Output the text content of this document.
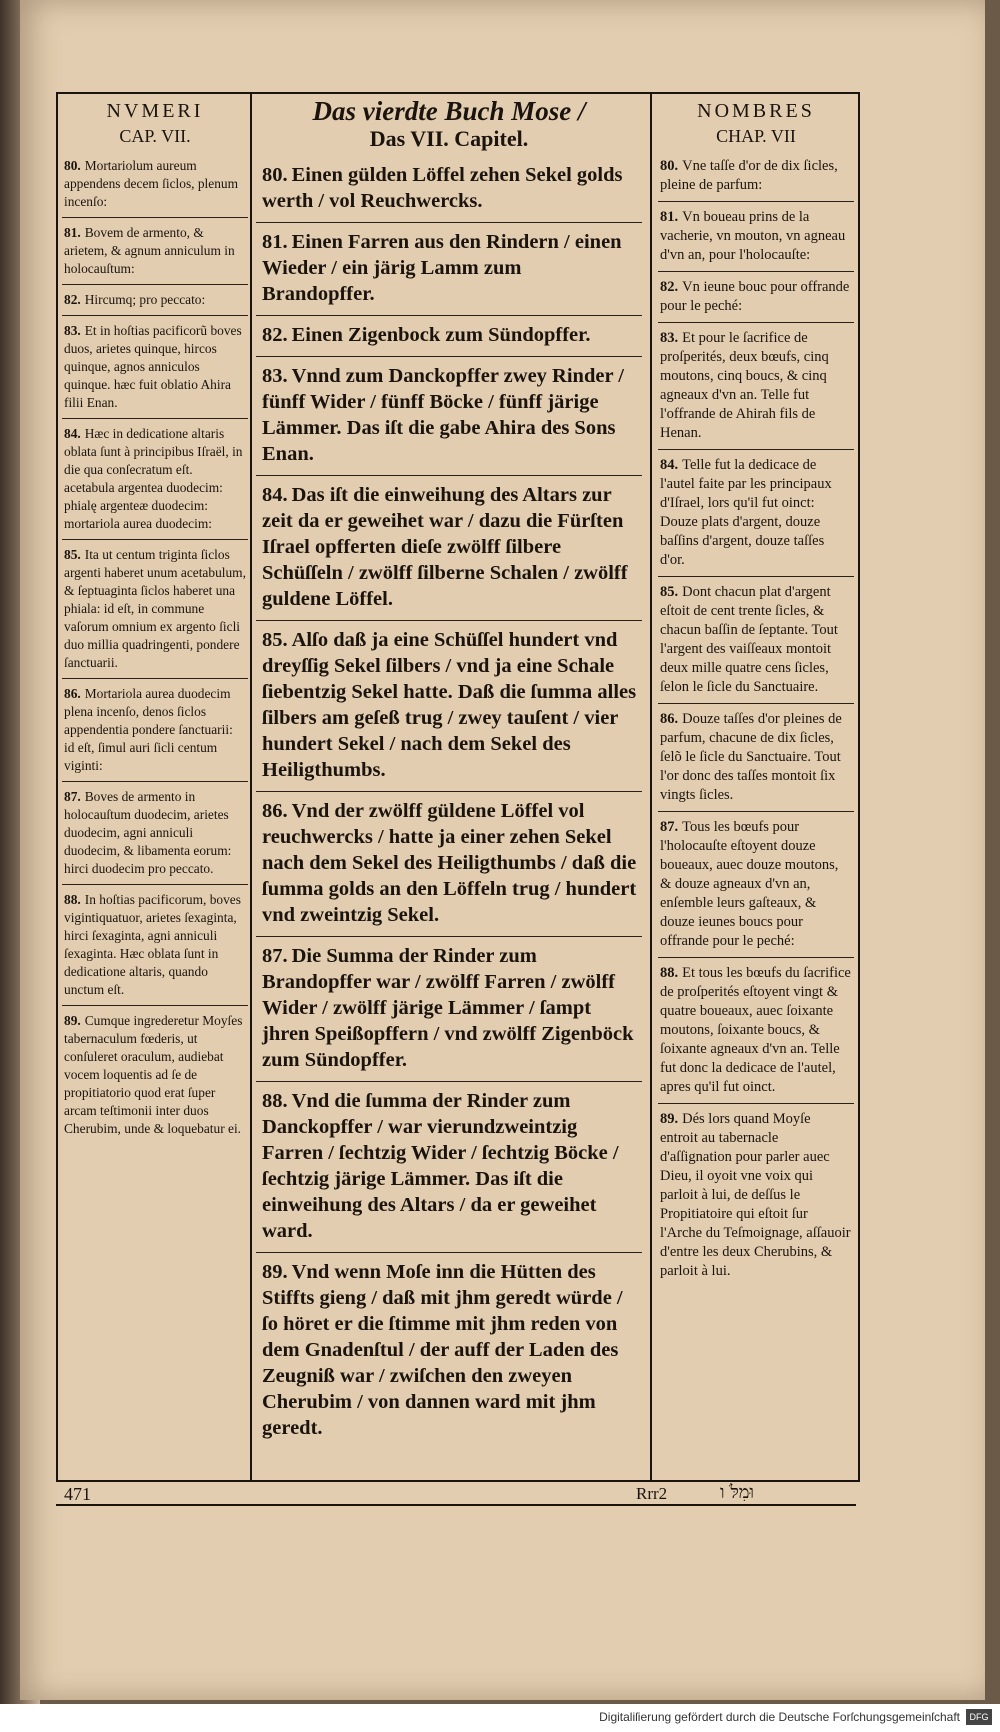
NVMERI
CAP. VII.

80. Mortariolum aureum appendens decem ſiclos, plenum incenſo:

81. Bovem de armento, & arietem, & agnum anniculum in holocauſtum:

82. Hircumq; pro peccato:

83. Et in hoſtias pacificorũ boves duos, arietes quinque, hircos quinque, agnos anniculos quinque. hæc fuit oblatio Ahira filii Enan.

84. Hæc in dedicatione altaris oblata ſunt à principibus Iſraël, in die qua conſecratum eſt. acetabula argentea duodecim: phialę argenteæ duodecim: mortariola aurea duodecim:

85. Ita ut centum triginta ſiclos argenti haberet unum acetabulum, & ſeptuaginta ſiclos haberet una phiala: id eſt, in commune vaſorum omnium ex argento ſicli duo millia quadringenti, pondere ſanctuarii.

86. Mortariola aurea duodecim plena incenſo, denos ſiclos appendentia pondere ſanctuarii: id eſt, ſimul auri ſicli centum viginti:

87. Boves de armento in holocauſtum duodecim, arietes duodecim, agni anniculi duodecim, & libamenta eorum: hirci duodecim pro peccato.

88. In hoſtias pacificorum, boves vigintiquatuor, arietes ſexaginta, hirci ſexaginta, agni anniculi ſexaginta. Hæc oblata ſunt in dedicatione altaris, quando unctum eſt.

89. Cumque ingrederetur Moyſes tabernaculum fœderis, ut conſuleret oraculum, audiebat vocem loquentis ad ſe de propitiatorio quod erat ſuper arcam teſtimonii inter duos Cherubim, unde & loquebatur ei.

Das vierdte Buch Mose /
Das VII. Capitel.

80. Einen gülden Löffel zehen Sekel golds werth / vol Reuchwercks.

81. Einen Farren aus den Rindern / einen Wieder / ein järig Lamm zum Brandopffer.

82. Einen Zigenbock zum Sündopffer.

83. Vnnd zum Danckopffer zwey Rinder / fünff Wider / fünff Böcke / fünff järige Lämmer. Das iſt die gabe Ahira des Sons Enan.

84. Das iſt die einweihung des Altars zur zeit da er geweihet war / dazu die Fürſten Iſrael opfferten dieſe zwölff ſilbere Schüſſeln / zwölff ſilberne Schalen / zwölff guldene Löffel.

85. Alſo daß ja eine Schüſſel hundert vnd dreyſſig Sekel ſilbers / vnd ja eine Schale ſiebentzig Sekel hatte. Daß die ſumma alles ſilbers am geſeß trug / zwey tauſent / vier hundert Sekel / nach dem Sekel des Heiligthumbs.

86. Vnd der zwölff güldene Löffel vol reuchwercks / hatte ja einer zehen Sekel nach dem Sekel des Heiligthumbs / daß die ſumma golds an den Löffeln trug / hundert vnd zweintzig Sekel.

87. Die Summa der Rinder zum Brandopffer war / zwölff Farren / zwölff Wider / zwölff järige Lämmer / ſampt jhren Speißopffern / vnd zwölff Zigenböck zum Sündopffer.

88. Vnd die ſumma der Rinder zum Danckopffer / war vierundzweintzig Farren / ſechtzig Wider / ſechtzig Böcke / ſechtzig järige Lämmer. Das iſt die einweihung des Altars / da er geweihet ward.

89. Vnd wenn Moſe inn die Hütten des Stiffts gieng / daß mit jhm geredt würde / ſo höret er die ſtimme mit jhm reden von dem Gnadenſtul / der auff der Laden des Zeugniß war / zwiſchen den zweyen Cherubim / von dannen ward mit jhm geredt.

NOMBRES
CHAP. VII

80. Vne taſſe d'or de dix ſicles, pleine de parfum:

81. Vn boueau prins de la vacherie, vn mouton, vn agneau d'vn an, pour l'holocauſte:

82. Vn ieune bouc pour offrande pour le peché:

83. Et pour le ſacrifice de proſperités, deux bœufs, cinq moutons, cinq boucs, & cinq agneaux d'vn an. Telle fut l'offrande de Ahirah fils de Henan.

84. Telle fut la dedicace de l'autel faite par les principaux d'Iſrael, lors qu'il fut oinct: Douze plats d'argent, douze baſſins d'argent, douze taſſes d'or.

85. Dont chacun plat d'argent eſtoit de cent trente ſicles, & chacun baſſin de ſeptante. Tout l'argent des vaiſſeaux montoit deux mille quatre cens ſicles, ſelon le ſicle du Sanctuaire.

86. Douze taſſes d'or pleines de parfum, chacune de dix ſicles, ſelõ le ſicle du Sanctuaire. Tout l'or donc des taſſes montoit ſix vingts ſicles.

87. Tous les bœufs pour l'holocauſte eſtoyent douze boueaux, auec douze moutons, & douze agneaux d'vn an, enſemble leurs gaſteaux, & douze ieunes boucs pour offrande pour le peché:

88. Et tous les bœufs du ſacrifice de proſperités eſtoyent vingt & quatre boueaux, auec ſoixante moutons, ſoixante boucs, & ſoixante agneaux d'vn an. Telle fut donc la dedicace de l'autel, apres qu'il fut oinct.

89. Dés lors quand Moyſe entroit au tabernacle d'aſſignation pour parler auec Dieu, il oyoit vne voix qui parloit à lui, de deſſus le Propitiatoire qui eſtoit ſur l'Arche du Teſmoignage, aſſauoir d'entre les deux Cherubins, & parloit à lui.

471	Rrr2	וּמִלֹּ ו
Digitaliſierung gefördert durch die Deutsche Forſchungsgemeinſchaft	DFG
